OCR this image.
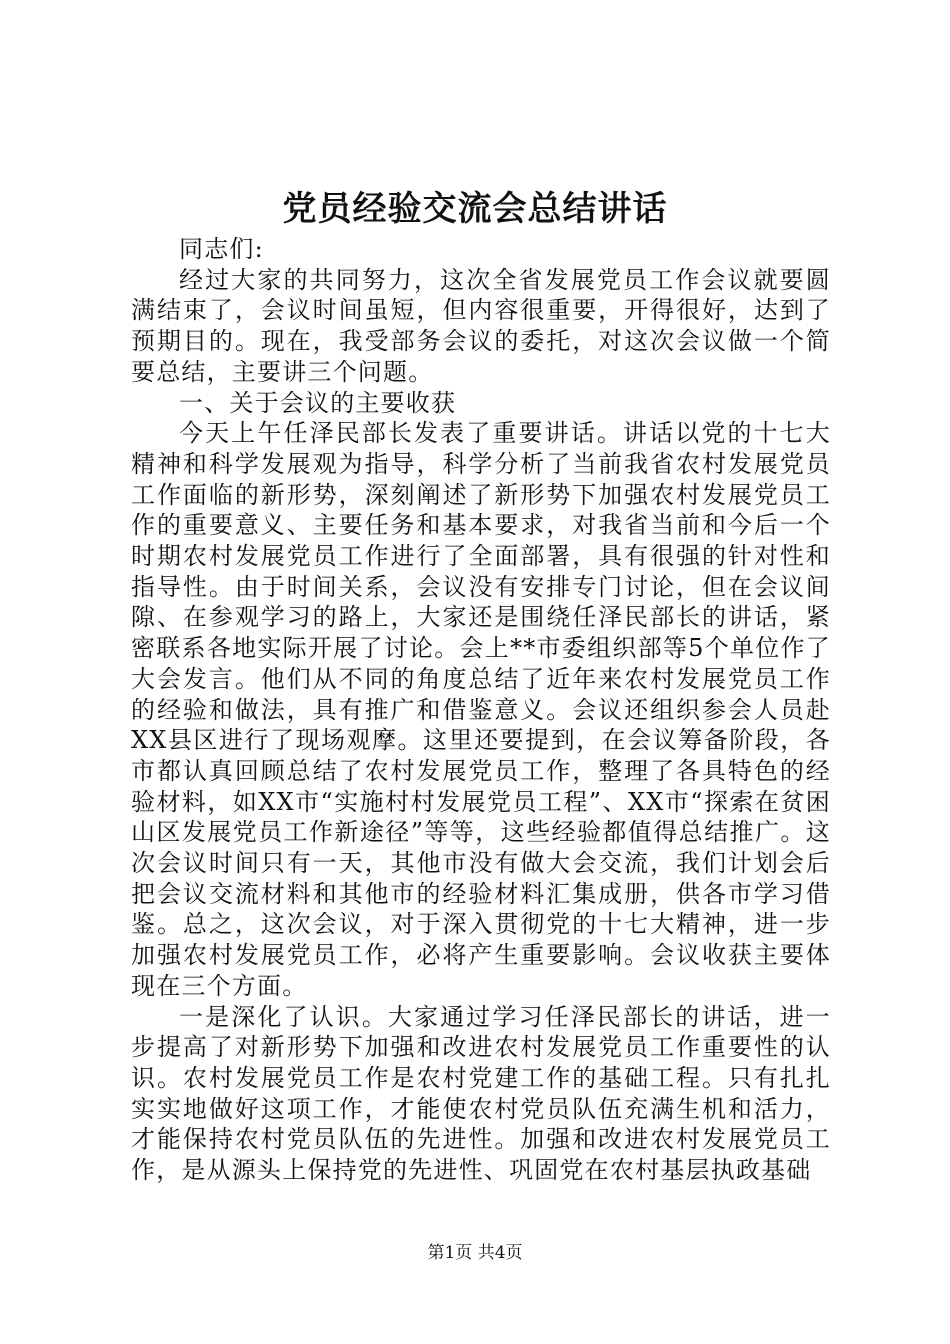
党员经验交流会总结讲话

同志们:

经过大家的共同努力，这次全省发展党员工作会议就要圆满结束了，会议时间虽短，但内容很重要，开得很好，达到了预期目的。现在，我受部务会议的委托，对这次会议做一个简要总结，主要讲三个问题。

一、关于会议的主要收获

今天上午任泽民部长发表了重要讲话。讲话以党的十七大精神和科学发展观为指导，科学分析了当前我省农村发展党员工作面临的新形势，深刻阐述了新形势下加强农村发展党员工作的重要意义、主要任务和基本要求，对我省当前和今后一个时期农村发展党员工作进行了全面部署，具有很强的针对性和指导性。由于时间关系，会议没有安排专门讨论，但在会议间隙、在参观学习的路上，大家还是围绕任泽民部长的讲话，紧密联系各地实际开展了讨论。会上**市委组织部等5个单位作了大会发言。他们从不同的角度总结了近年来农村发展党员工作的经验和做法，具有推广和借鉴意义。会议还组织参会人员赴XX县区进行了现场观摩。这里还要提到，在会议筹备阶段，各市都认真回顾总结了农村发展党员工作，整理了各具特色的经验材料，如XX市“实施村村发展党员工程”、XX市“探索在贫困山区发展党员工作新途径”等等，这些经验都值得总结推广。这次会议时间只有一天，其他市没有做大会交流，我们计划会后把会议交流材料和其他市的经验材料汇集成册，供各市学习借鉴。总之，这次会议，对于深入贯彻党的十七大精神，进一步加强农村发展党员工作，必将产生重要影响。会议收获主要体现在三个方面。

一是深化了认识。大家通过学习任泽民部长的讲话，进一步提高了对新形势下加强和改进农村发展党员工作重要性的认识。农村发展党员工作是农村党建工作的基础工程。只有扎扎实实地做好这项工作，才能使农村党员队伍充满生机和活力，才能保持农村党员队伍的先进性。加强和改进农村发展党员工作，是从源头上保持党的先进性、巩固党在农村基层执政基础

第1页 共4页
